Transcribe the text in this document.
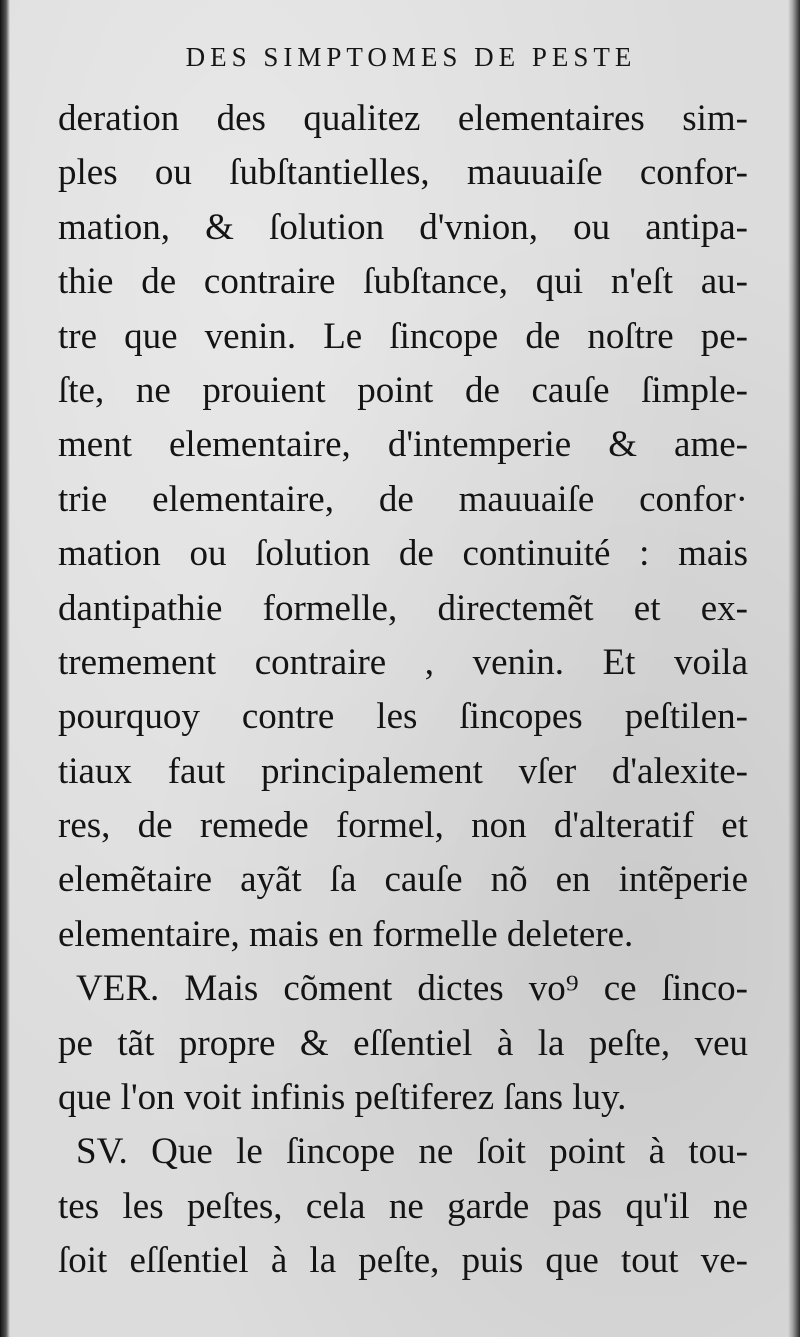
DES SIMPTOMES DE PESTE
deration des qualitez elementaires sim-
ples ou ſubſtantielles, mauuaiſe confor-
mation, & ſolution d'vnion, ou antipa-
thie de contraire ſubſtance, qui n'eſt au-
tre que venin. Le ſincope de noſtre pe-
ſte, ne prouient point de cauſe ſimple-
ment elementaire, d'intemperie & ame-
trie elementaire, de mauuaiſe confor·
mation ou ſolution de continuité : mais
dantipathie formelle, directemẽt et ex-
tremement contraire , venin. Et voila
pourquoy contre les ſincopes peſtilen-
tiaux faut principalement vſer d'alexite-
res, de remede formel, non d'alteratif et
elemẽtaire ayãt ſa cauſe nõ en intẽperie
elementaire, mais en formelle deletere.
VER. Mais cõment dictes vo⁹ ce ſinco-
pe tãt propre & eſſentiel à la peſte, veu
que l'on voit infinis peſtiferez ſans luy.
SV. Que le ſincope ne ſoit point à tou-
tes les peſtes, cela ne garde pas qu'il ne
ſoit eſſentiel à la peſte, puis que tout ve-
